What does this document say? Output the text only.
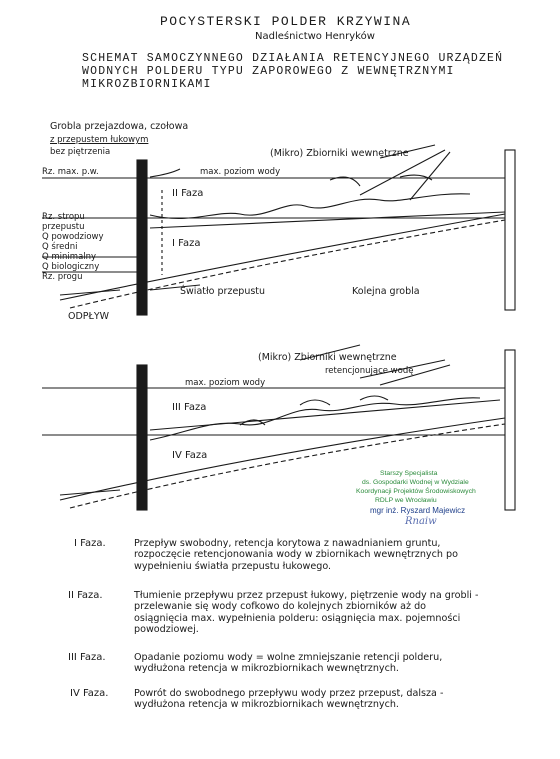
POCYSTERSKI POLDER KRZYWINA
Nadleśnictwo Henryków
SCHEMAT SAMOCZYNNEGO DZIAŁANIA RETENCYJNEGO URZĄDZEŃ WODNYCH POLDERU TYPU ZAPOROWEGO Z WEWNĘTRZNYMI MIKROZBIORNIKAMI
Grobla przejazdowa, czołowa
z przepustem łukowym
bez piętrzenia
Rz. max. p.w.
(Mikro) Zbiorniki wewnętrzne
max. poziom wody
II Faza
I Faza
Rz. stropu
przepustu
Q powodziowy
Q średni
Q minimalny
Q biologiczny
Rz. progu
Światło przepustu	Kolejna grobla
ODPŁYW
(Mikro) Zbiorniki wewnętrzne
retencjonujące wodę
max. poziom wody
III Faza
IV Faza
Starszy Specjalista
ds. Gospodarki Wodnej w Wydziale
Koordynacji Projektów Środowiskowych
RDLP we Wrocławiu
mgr inż. Ryszard Majewicz
Rnaiw
I Faza.	Przepływ swobodny, retencja korytowa z nawadnianiem gruntu, rozpoczęcie retencjonowania wody w zbiornikach wewnętrznych po wypełnieniu światła przepustu łukowego.
II Faza.	Tłumienie przepływu przez przepust łukowy, piętrzenie wody na grobli - przelewanie się wody cofkowo do kolejnych zbiorników aż do osiągnięcia max. wypełnienia polderu: osiągnięcia max. pojemności powodziowej.
III Faza.	Opadanie poziomu wody = wolne zmniejszanie retencji polderu, wydłużona retencja w mikrozbiornikach wewnętrznych.
IV Faza.	Powrót do swobodnego przepływu wody przez przepust, dalsza - wydłużona retencja w mikrozbiornikach wewnętrznych.
